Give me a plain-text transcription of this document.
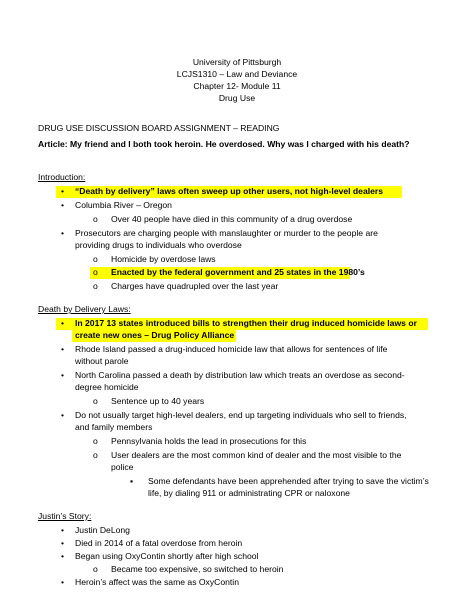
University of Pittsburgh
LCJS1310 – Law and Deviance
Chapter 12- Module 11
Drug Use
DRUG USE DISCUSSION BOARD ASSIGNMENT – READING
Article: My friend and I both took heroin. He overdosed. Why was I charged with his death?
Introduction:
• “Death by delivery” laws often sweep up other users, not high-level dealers
• Columbia River – Oregon
o Over 40 people have died in this community of a drug overdose
• Prosecutors are charging people with manslaughter or murder to the people are
providing drugs to individuals who overdose
o Homicide by overdose laws
o Enacted by the federal government and 25 states in the 1980’s
o Charges have quadrupled over the last year
Death by Delivery Laws:
• In 2017 13 states introduced bills to strengthen their drug induced homicide laws or
create new ones – Drug Policy Alliance
• Rhode Island passed a drug-induced homicide law that allows for sentences of life
without parole
• North Carolina passed a death by distribution law which treats an overdose as second-
degree homicide
o Sentence up to 40 years
• Do not usually target high-level dealers, end up targeting individuals who sell to friends,
and family members
o Pennsylvania holds the lead in prosecutions for this
o User dealers are the most common kind of dealer and the most visible to the
police
▪ Some defendants have been apprehended after trying to save the victim’s
life, by dialing 911 or administrating CPR or naloxone
Justin’s Story:
• Justin DeLong
• Died in 2014 of a fatal overdose from heroin
• Began using OxyContin shortly after high school
o Became too expensive, so switched to heroin
• Heroin’s affect was the same as OxyContin
